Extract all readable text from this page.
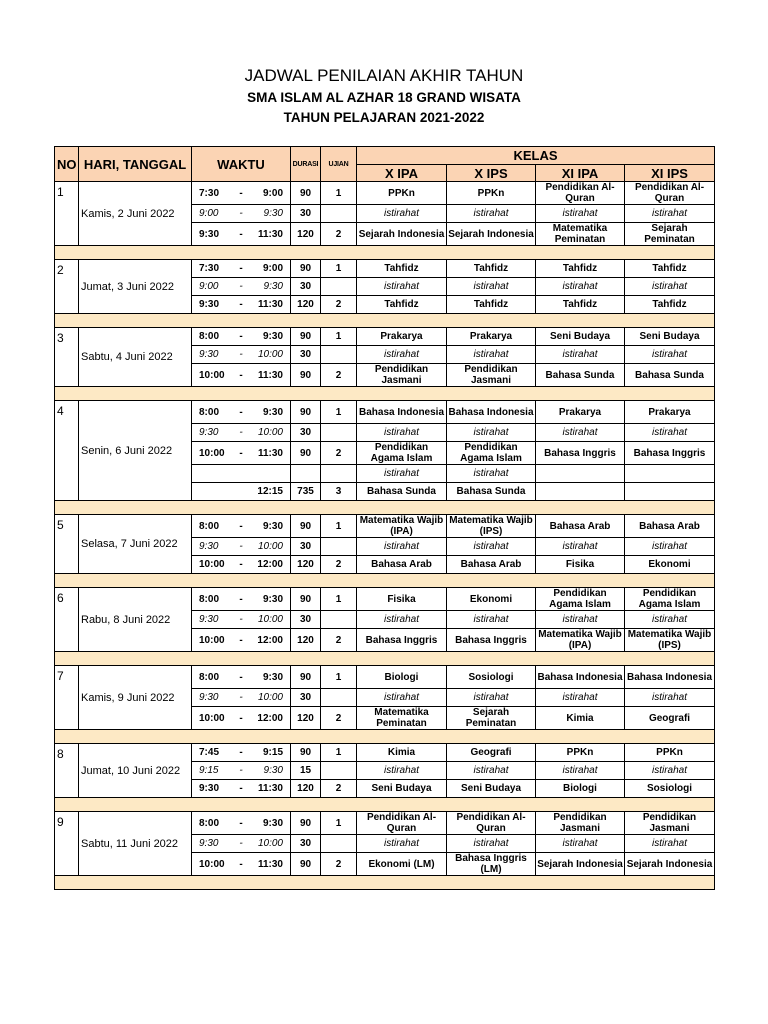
JADWAL PENILAIAN AKHIR TAHUN
SMA ISLAM AL AZHAR 18 GRAND WISATA
TAHUN PELAJARAN 2021-2022
NO	HARI, TANGGAL	WAKTU	DURASI	UJIAN	KELAS			
					X IPA	X IPS	XI IPA	XI IPS
1	Kamis, 2 Juni 2022	7:30 - 9:00	90	1	PPKn	PPKn	Pendidikan Al-Quran	Pendidikan Al-Quran

		9:00 - 9:30	30		istirahat	istirahat	istirahat	istirahat

		9:30 - 11:30	120	2	Sejarah Indonesia	Sejarah Indonesia	Matematika Peminatan	Sejarah Peminatan

2	Jumat, 3 Juni 2022	7:30 - 9:00	90	1	Tahfidz	Tahfidz	Tahfidz	Tahfidz

		9:00 - 9:30	30		istirahat	istirahat	istirahat	istirahat

		9:30 - 11:30	120	2	Tahfidz	Tahfidz	Tahfidz	Tahfidz

3	Sabtu, 4 Juni 2022	8:00 - 9:30	90	1	Prakarya	Prakarya	Seni Budaya	Seni Budaya

		9:30 - 10:00	30		istirahat	istirahat	istirahat	istirahat

		10:00 - 11:30	90	2	Pendidikan Jasmani	Pendidikan Jasmani	Bahasa Sunda	Bahasa Sunda

4	Senin, 6 Juni 2022	8:00 - 9:30	90	1	Bahasa Indonesia	Bahasa Indonesia	Prakarya	Prakarya

		9:30 - 10:00	30		istirahat	istirahat	istirahat	istirahat

		10:00 - 11:30	90	2	Pendidikan Agama Islam	Pendidikan Agama Islam	Bahasa Inggris	Bahasa Inggris

					istirahat	istirahat		

		12:15	735	3	Bahasa Sunda	Bahasa Sunda		

5	Selasa, 7 Juni 2022	8:00 - 9:30	90	1	Matematika Wajib (IPA)	Matematika Wajib (IPS)	Bahasa Arab	Bahasa Arab

		9:30 - 10:00	30		istirahat	istirahat	istirahat	istirahat

		10:00 - 12:00	120	2	Bahasa Arab	Bahasa Arab	Fisika	Ekonomi

6	Rabu, 8 Juni 2022	8:00 - 9:30	90	1	Fisika	Ekonomi	Pendidikan Agama Islam	Pendidikan Agama Islam

		9:30 - 10:00	30		istirahat	istirahat	istirahat	istirahat

		10:00 - 12:00	120	2	Bahasa Inggris	Bahasa Inggris	Matematika Wajib (IPA)	Matematika Wajib (IPS)

7	Kamis, 9 Juni 2022	8:00 - 9:30	90	1	Biologi	Sosiologi	Bahasa Indonesia	Bahasa Indonesia

		9:30 - 10:00	30		istirahat	istirahat	istirahat	istirahat

		10:00 - 12:00	120	2	Matematika Peminatan	Sejarah Peminatan	Kimia	Geografi

8	Jumat, 10 Juni 2022	7:45 - 9:15	90	1	Kimia	Geografi	PPKn	PPKn

		9:15 - 9:30	15		istirahat	istirahat	istirahat	istirahat

		9:30 - 11:30	120	2	Seni Budaya	Seni Budaya	Biologi	Sosiologi

9	Sabtu, 11 Juni 2022	8:00 - 9:30	90	1	Pendidikan Al-Quran	Pendidikan Al-Quran	Pendidikan Jasmani	Pendidikan Jasmani

		9:30 - 10:00	30		istirahat	istirahat	istirahat	istirahat

		10:00 - 11:30	90	2	Ekonomi (LM)	Bahasa Inggris (LM)	Sejarah Indonesia	Sejarah Indonesia
